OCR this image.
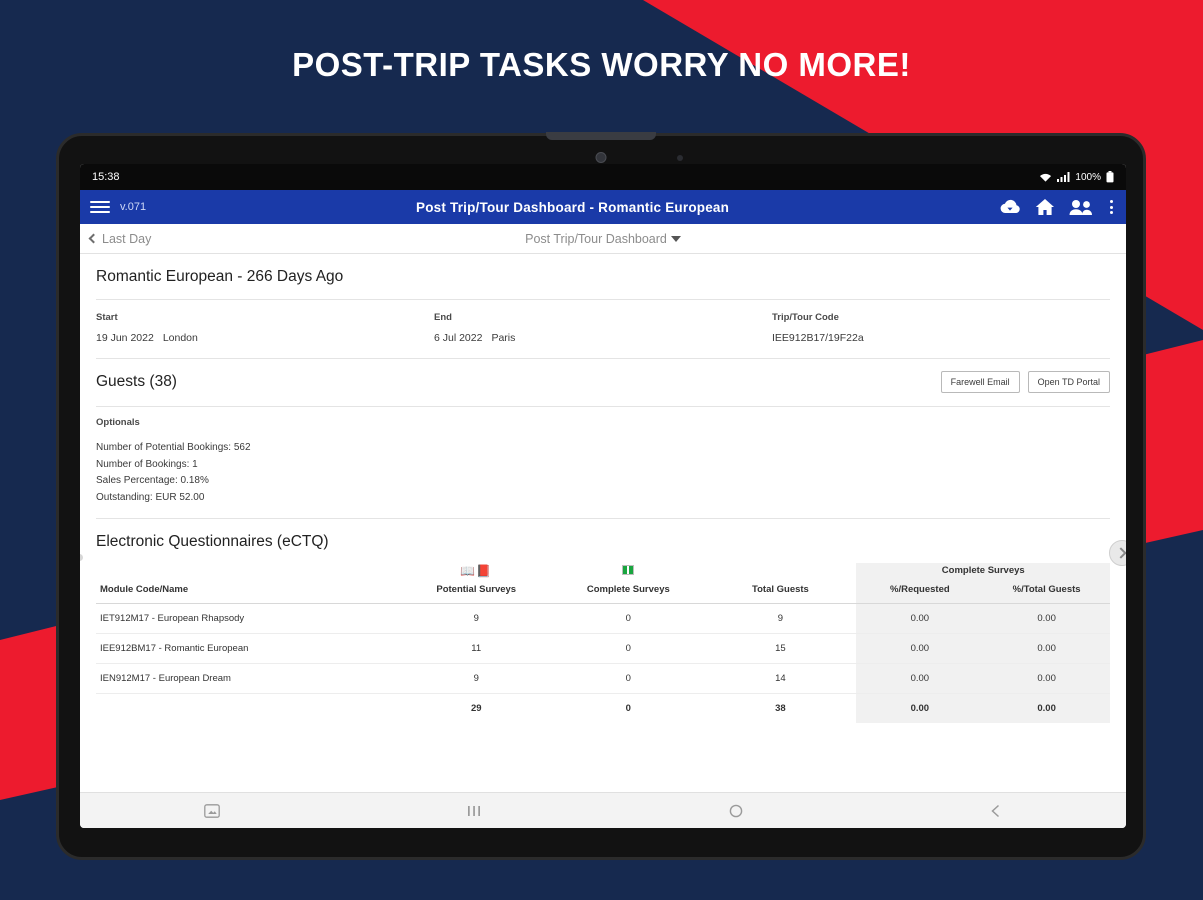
POST-TRIP TASKS WORRY NO MORE!
15:38	100%
v.071	Post Trip/Tour Dashboard - Romantic European
Last Day	Post Trip/Tour Dashboard
Romantic European - 266 Days Ago
Start
19 Jun 2022 London
End
6 Jul 2022 Paris
Trip/Tour Code
IEE912B17/19F22a
Guests (38)	Farewell Email	Open TD Portal
Optionals
Number of Potential Bookings: 562
Number of Bookings: 1
Sales Percentage: 0.18%
Outstanding: EUR 52.00
Electronic Questionnaires (eCTQ)
	📖📕			Complete Surveys	
Module Code/Name	Potential Surveys	Complete Surveys	Total Guests	%/Requested	%/Total Guests
IET912M17 - European Rhapsody	9	0	9	0.00	0.00
IEE912BM17 - Romantic European	11	0	15	0.00	0.00
IEN912M17 - European Dream	9	0	14	0.00	0.00
	29	0	38	0.00	0.00
